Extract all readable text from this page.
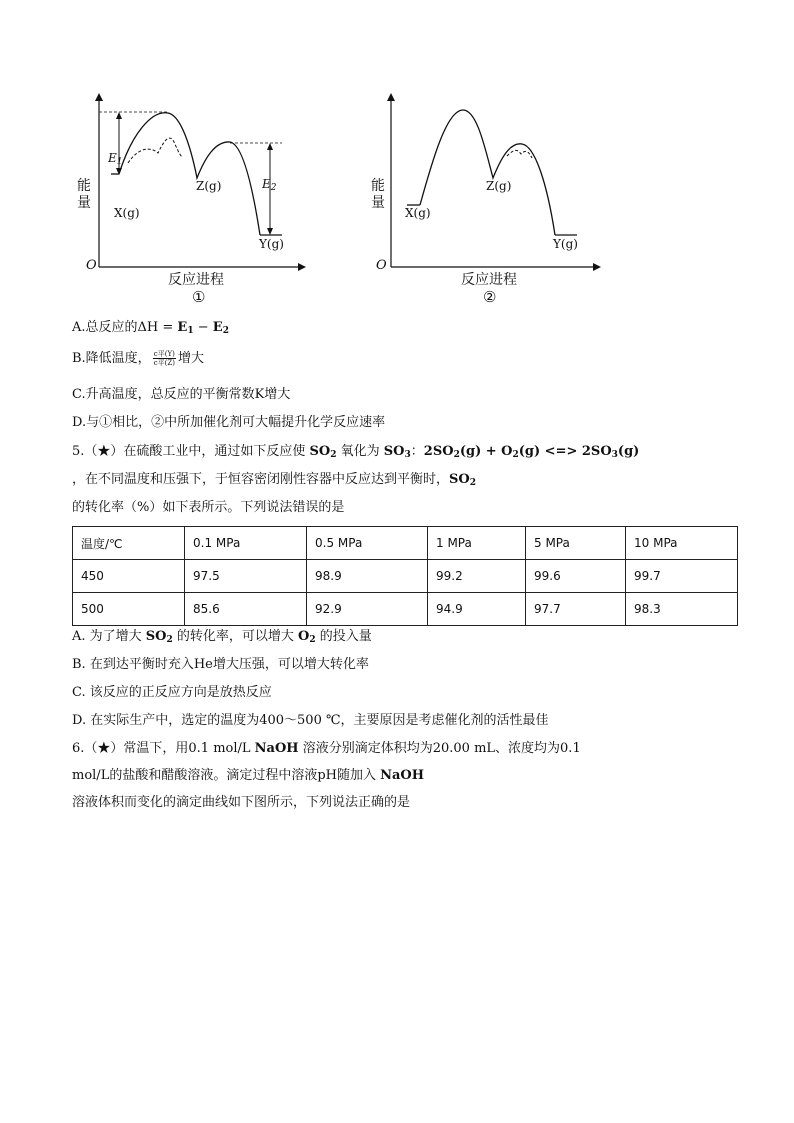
能量
O
反应进程
①
X(g)
Z(g)
Y(g)
$E_1$
$E_2$	能量
O
反应进程
②
X(g)
Z(g)
Y(g)
A.总反应的$\Delta H = E_1 - E_2$
B.降低温度， $\frac{\text{c平(Y)}}{\text{c平(Z)}}$ 增大
C.升高温度，总反应的平衡常数K增大
D.与①相比，②中所加催化剂可大幅提升化学反应速率
5.（★）在硫酸工业中，通过如下反应使 $SO_2$ 氧化为 $SO_3$：$2SO_2(g) + O_2(g)$ <=> $2SO_3(g)$
，在不同温度和压强下，于恒容密闭刚性容器中反应达到平衡时，$SO_2$
的转化率（%）如下表所示。下列说法错误的是
温度/℃	0.1 MPa	0.5 MPa	1 MPa	5 MPa	10 MPa
450	97.5	98.9	99.2	99.6	99.7
500	85.6	92.9	94.9	97.7	98.3
A. 为了增大 $SO_2$ 的转化率，可以增大 $O_2$ 的投入量
B. 在到达平衡时充入He增大压强，可以增大转化率
C. 该反应的正反应方向是放热反应
D. 在实际生产中，选定的温度为400～500 ℃，主要原因是考虑催化剂的活性最佳
6.（★）常温下，用0.1 mol/L NaOH 溶液分别滴定体积均为20.00 mL、浓度均为0.1
mol/L的盐酸和醋酸溶液。滴定过程中溶液pH随加入 NaOH
溶液体积而变化的滴定曲线如下图所示，下列说法正确的是
